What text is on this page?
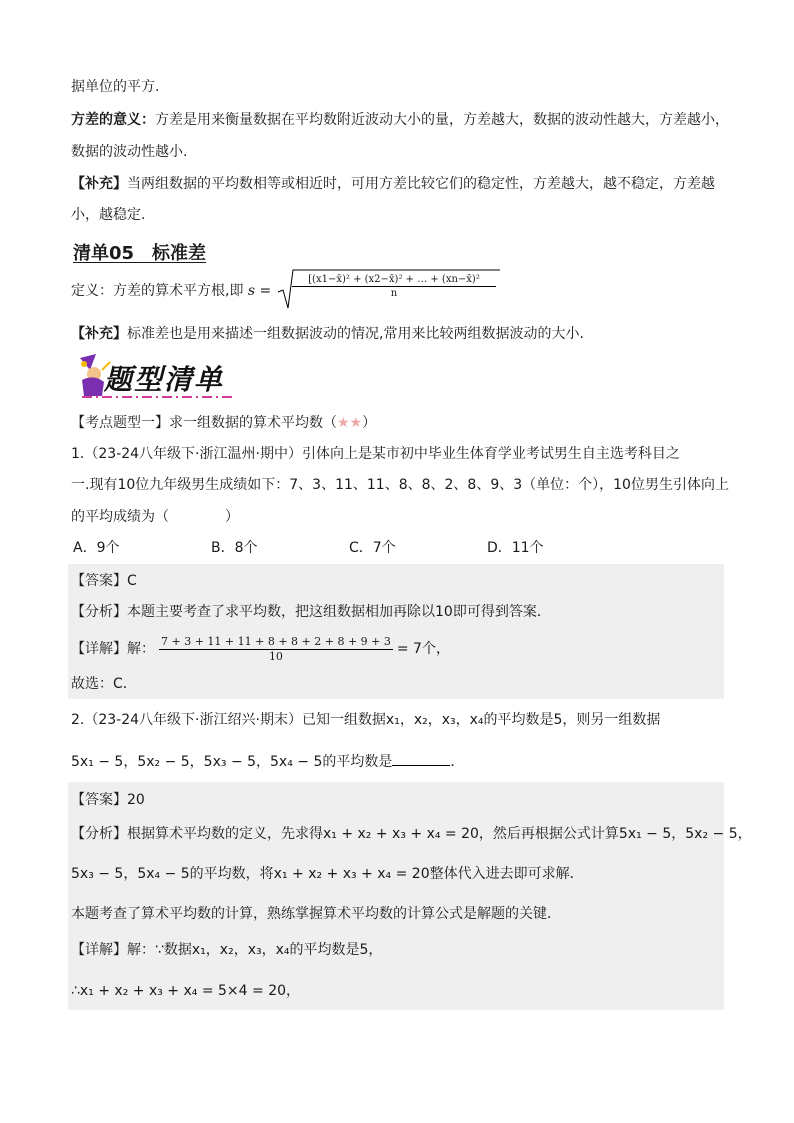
据单位的平方.
方差的意义：方差是用来衡量数据在平均数附近波动大小的量，方差越大，数据的波动性越大，方差越小，
数据的波动性越小.
【补充】当两组数据的平均数相等或相近时，可用方差比较它们的稳定性，方差越大，越不稳定，方差越
小，越稳定.
清单05　标准差
定义：方差的算术平方根,即 $s = \frac{\text{[(x1−x̄)² + (x2−x̄)² + … + (xn−x̄)²}}{n}$
【补充】标准差也是用来描述一组数据波动的情况,常用来比较两组数据波动的大小.
题型清单
【考点题型一】求一组数据的算术平均数（★★）
1.（23-24八年级下·浙江温州·期中）引体向上是某市初中毕业生体育学业考试男生自主选考科目之
一.现有10位九年级男生成绩如下：7、3、11、11、8、8、2、8、9、3（单位：个），10位男生引体向上
的平均成绩为（　　　　）
A．9个	B．8个	C．7个	D．11个
【答案】C
【分析】本题主要考查了求平均数，把这组数据相加再除以10即可得到答案．
【详解】解： $\frac{7 + 3 + 11 + 11 + 8 + 8 + 2 + 8 + 9 + 3}{10} = 7$个，
故选：C．
2.（23-24八年级下·浙江绍兴·期末）已知一组数据x₁，x₂，x₃，x₄的平均数是5，则另一组数据
5x₁ − 5，5x₂ − 5，5x₃ − 5，5x₄ − 5的平均数是	．
【答案】20
【分析】根据算术平均数的定义，先求得x₁ + x₂ + x₃ + x₄ = 20，然后再根据公式计算5x₁ − 5，5x₂ − 5，
5x₃ − 5，5x₄ − 5的平均数，将x₁ + x₂ + x₃ + x₄ = 20整体代入进去即可求解．
本题考查了算术平均数的计算，熟练掌握算术平均数的计算公式是解题的关键．
【详解】解：∵数据x₁，x₂，x₃，x₄的平均数是5，
∴x₁ + x₂ + x₃ + x₄ = 5×4 = 20，
